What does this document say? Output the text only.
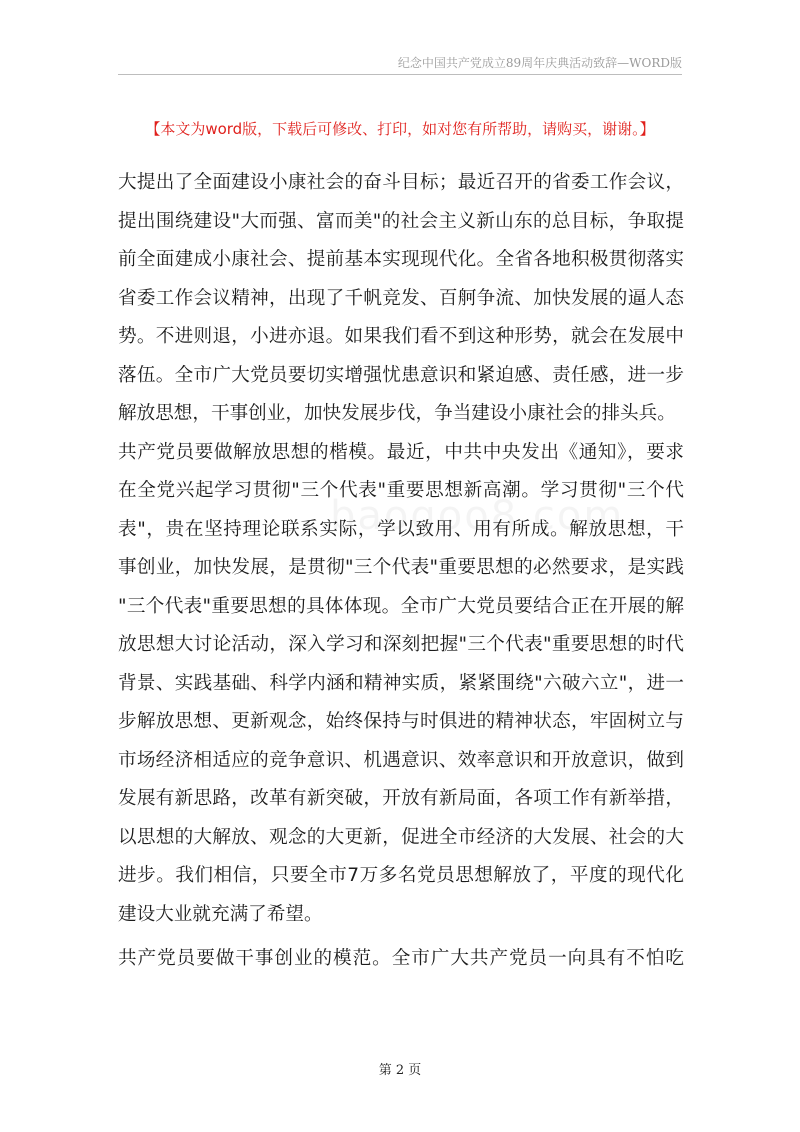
纪念中国共产党成立89周年庆典活动致辞—WORD版
【本文为word版，下载后可修改、打印，如对您有所帮助，请购买，谢谢。】
大提出了全面建设小康社会的奋斗目标；最近召开的省委工作会议，
提出围绕建设"大而强、富而美"的社会主义新山东的总目标，争取提
前全面建成小康社会、提前基本实现现代化。全省各地积极贯彻落实
省委工作会议精神，出现了千帆竞发、百舸争流、加快发展的逼人态
势。不进则退，小进亦退。如果我们看不到这种形势，就会在发展中
落伍。全市广大党员要切实增强忧患意识和紧迫感、责任感，进一步
解放思想，干事创业，加快发展步伐，争当建设小康社会的排头兵。
共产党员要做解放思想的楷模。最近，中共中央发出《通知》，要求
在全党兴起学习贯彻"三个代表"重要思想新高潮。学习贯彻"三个代
表"，贵在坚持理论联系实际，学以致用、用有所成。解放思想，干
事创业，加快发展，是贯彻"三个代表"重要思想的必然要求，是实践
"三个代表"重要思想的具体体现。全市广大党员要结合正在开展的解
放思想大讨论活动，深入学习和深刻把握"三个代表"重要思想的时代
背景、实践基础、科学内涵和精神实质，紧紧围绕"六破六立"，进一
步解放思想、更新观念，始终保持与时俱进的精神状态，牢固树立与
市场经济相适应的竞争意识、机遇意识、效率意识和开放意识，做到
发展有新思路，改革有新突破，开放有新局面，各项工作有新举措，
以思想的大解放、观念的大更新，促进全市经济的大发展、社会的大
进步。我们相信，只要全市7万多名党员思想解放了，平度的现代化
建设大业就充满了希望。
共产党员要做干事创业的模范。全市广大共产党员一向具有不怕吃
第 2 页
